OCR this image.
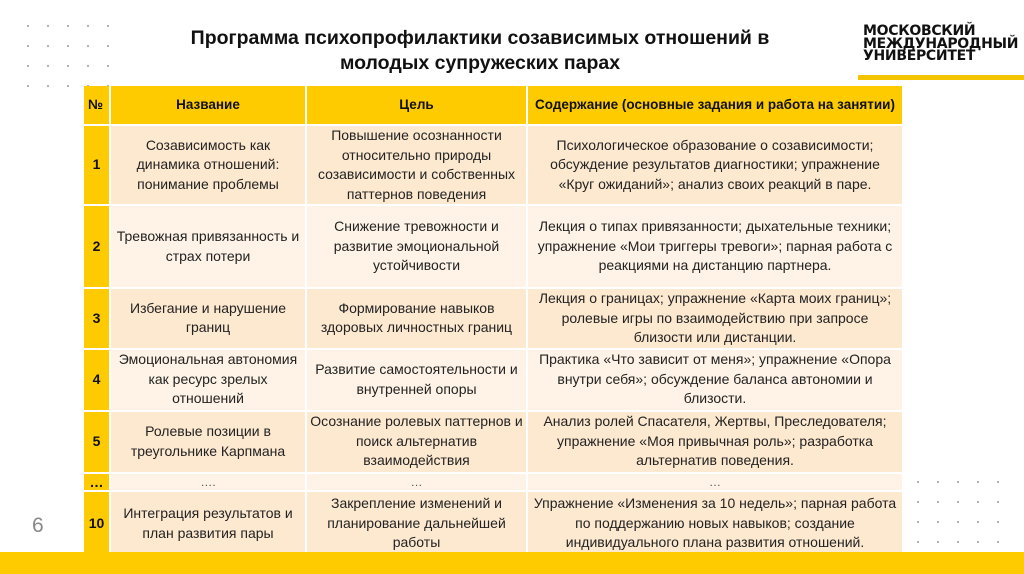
Программа психопрофилактики созависимых отношений в
молодых супружеских парах
МОСКОВСКИЙ
МЕЖДУНАРОДНЫЙ
УНИВЕРСИТЕТ
№	Название	Цель	Содержание (основные задания и работа на занятии)
1	Созависимость как динамика отношений: понимание проблемы	Повышение осознанности относительно природы созависимости и собственных паттернов поведения	Психологическое образование о созависимости; обсуждение результатов диагностики; упражнение «Круг ожиданий»; анализ своих реакций в паре.
2	Тревожная привязанность и страх потери	Снижение тревожности и развитие эмоциональной устойчивости	Лекция о типах привязанности; дыхательные техники; упражнение «Мои триггеры тревоги»; парная работа с реакциями на дистанцию партнера.
3	Избегание и нарушение границ	Формирование навыков здоровых личностных границ	Лекция о границах; упражнение «Карта моих границ»; ролевые игры по взаимодействию при запросе близости или дистанции.
4	Эмоциональная автономия как ресурс зрелых отношений	Развитие самостоятельности и внутренней опоры	Практика «Что зависит от меня»; упражнение «Опора внутри себя»; обсуждение баланса автономии и близости.
5	Ролевые позиции в треугольнике Карпмана	Осознание ролевых паттернов и поиск альтернатив взаимодействия	Анализ ролей Спасателя, Жертвы, Преследователя; упражнение «Моя привычная роль»; разработка альтернатив поведения.
…	….	…	…
10	Интеграция результатов и план развития пары	Закрепление изменений и планирование дальнейшей работы	Упражнение «Изменения за 10 недель»; парная работа по поддержанию новых навыков; создание индивидуального плана развития отношений.
6
